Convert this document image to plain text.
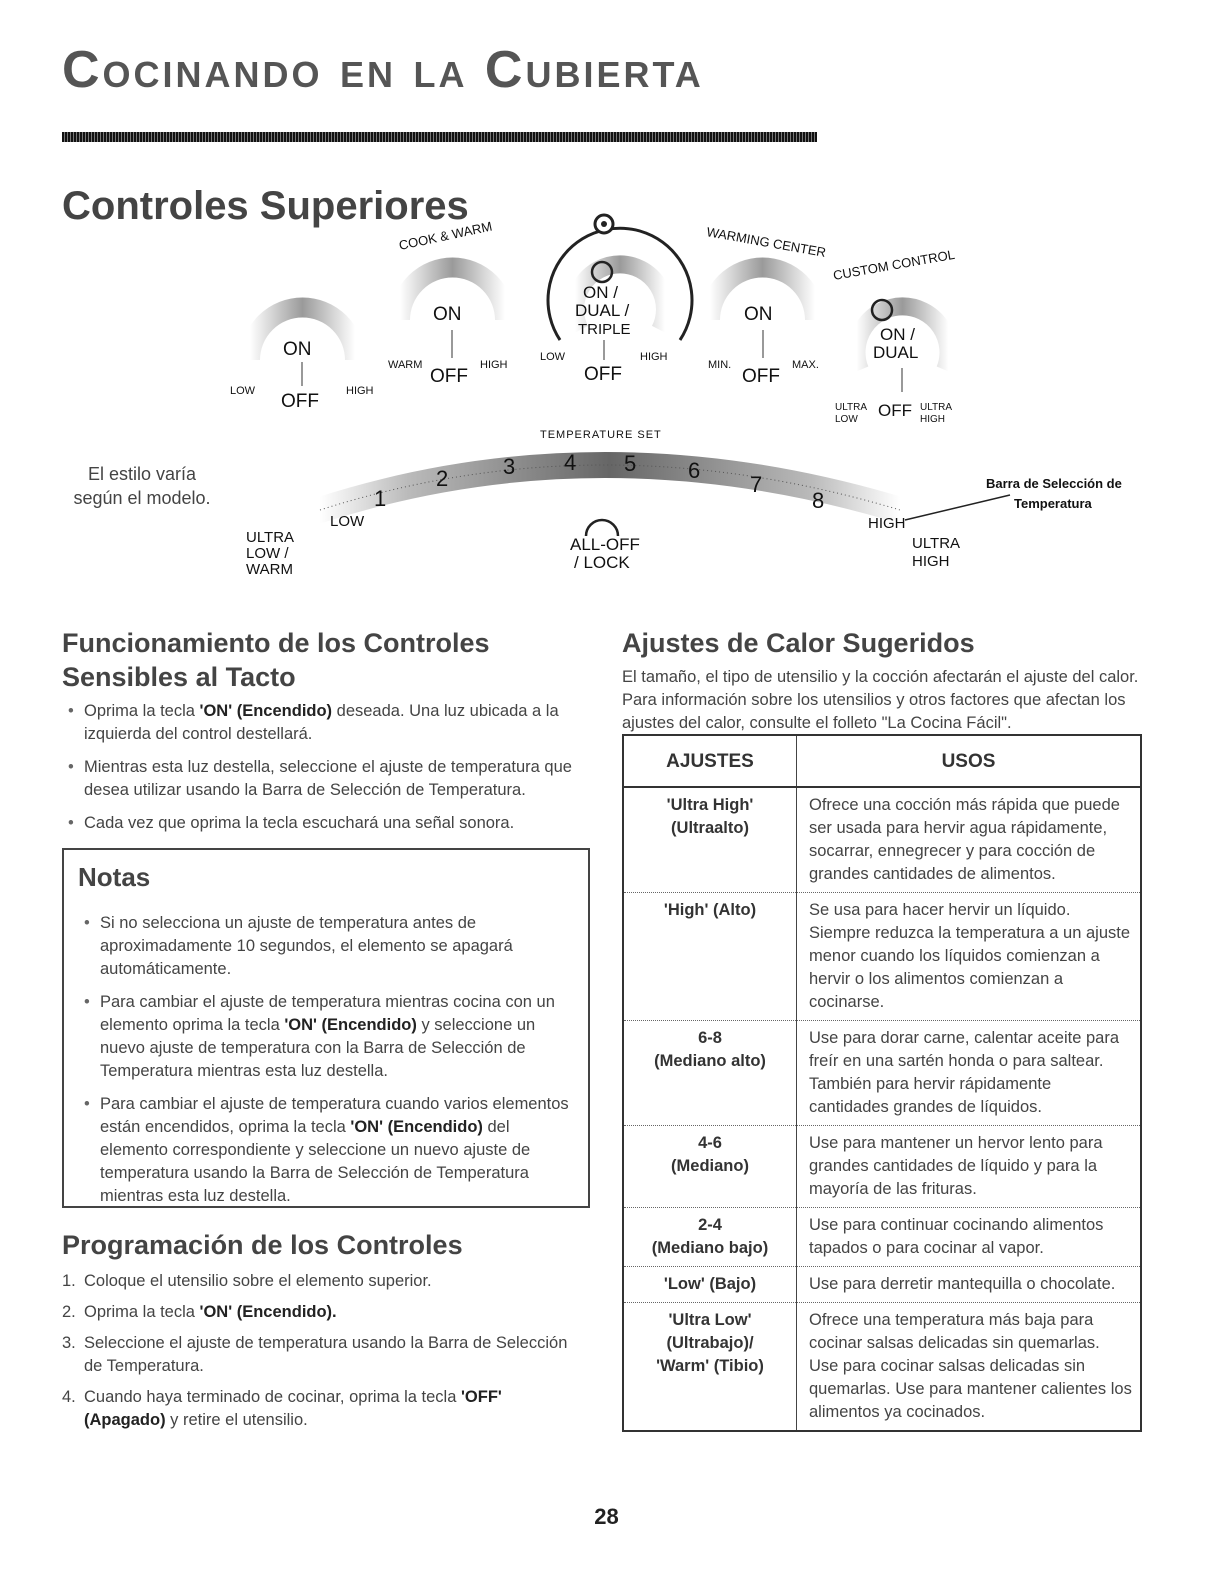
Cocinando en la Cubierta
Controles Superiores
ON
OFF
LOW	HIGH
COOK & WARM
ON
OFF
WARM	HIGH
ON /
DUAL /
TRIPLE
OFF
LOW	HIGH
WARMING CENTER
ON
OFF
MIN.	MAX.
CUSTOM CONTROL
ON /
DUAL
OFF
ULTRA
LOW
ULTRA
HIGH
TEMPERATURE SET
1
2 3 4 5 6
7
8
LOW
ULTRA
LOW /
WARM
ALL-OFF
/ LOCK
HIGH
ULTRA
HIGH
Barra de Selección de
Temperatura
El estilo varía
según el modelo.
Funcionamiento de los Controles
Sensibles al Tacto
• Oprima la tecla 'ON' (Encendido) deseada. Una luz ubicada a la izquierda del control destellará.
• Mientras esta luz destella, seleccione el ajuste de temperatura que desea utilizar usando la Barra de Selección de Temperatura.
• Cada vez que oprima la tecla escuchará una señal sonora.
Notas
• Si no selecciona un ajuste de temperatura antes de aproximadamente 10 segundos, el elemento se apagará automáticamente.
• Para cambiar el ajuste de temperatura mientras cocina con un elemento oprima la tecla 'ON' (Encendido) y seleccione un nuevo ajuste de temperatura con la Barra de Selección de Temperatura mientras esta luz destella.
• Para cambiar el ajuste de temperatura cuando varios elementos están encendidos, oprima la tecla 'ON' (Encendido) del elemento correspondiente y seleccione un nuevo ajuste de temperatura usando la Barra de Selección de Temperatura mientras esta luz destella.
Programación de los Controles
1. Coloque el utensilio sobre el elemento superior.
2. Oprima la tecla 'ON' (Encendido).
3. Seleccione el ajuste de temperatura usando la Barra de Selección de Temperatura.
4. Cuando haya terminado de cocinar, oprima la tecla 'OFF' (Apagado) y retire el utensilio.
Ajustes de Calor Sugeridos

El tamaño, el tipo de utensilio y la cocción afectarán el ajuste del calor. Para información sobre los utensilios y otros factores que afectan los ajustes del calor, consulte el folleto "La Cocina Fácil".

AJUSTES	USOS

'Ultra High'
(Ultraalto)	Ofrece una cocción más rápida que puede ser usada para hervir agua rápidamente, socarrar, ennegrecer y para cocción de grandes cantidades de alimentos.

'High' (Alto)	Se usa para hacer hervir un líquido. Siempre reduzca la temperatura a un ajuste menor cuando los líquidos comienzan a hervir o los alimentos comienzan a cocinarse.

6-8
(Mediano alto)	Use para dorar carne, calentar aceite para freír en una sartén honda o para saltear. También para hervir rápidamente cantidades grandes de líquidos.

4-6
(Mediano)	Use para mantener un hervor lento para grandes cantidades de líquido y para la mayoría de las frituras.

2-4
(Mediano bajo)	Use para continuar cocinando alimentos tapados o para cocinar al vapor.

'Low' (Bajo)	Use para derretir mantequilla o chocolate.

'Ultra Low'
(Ultrabajo)/
'Warm' (Tibio)	Ofrece una temperatura más baja para cocinar salsas delicadas sin quemarlas. Use para cocinar salsas delicadas sin quemarlas. Use para mantener calientes los alimentos ya cocinados.
28
